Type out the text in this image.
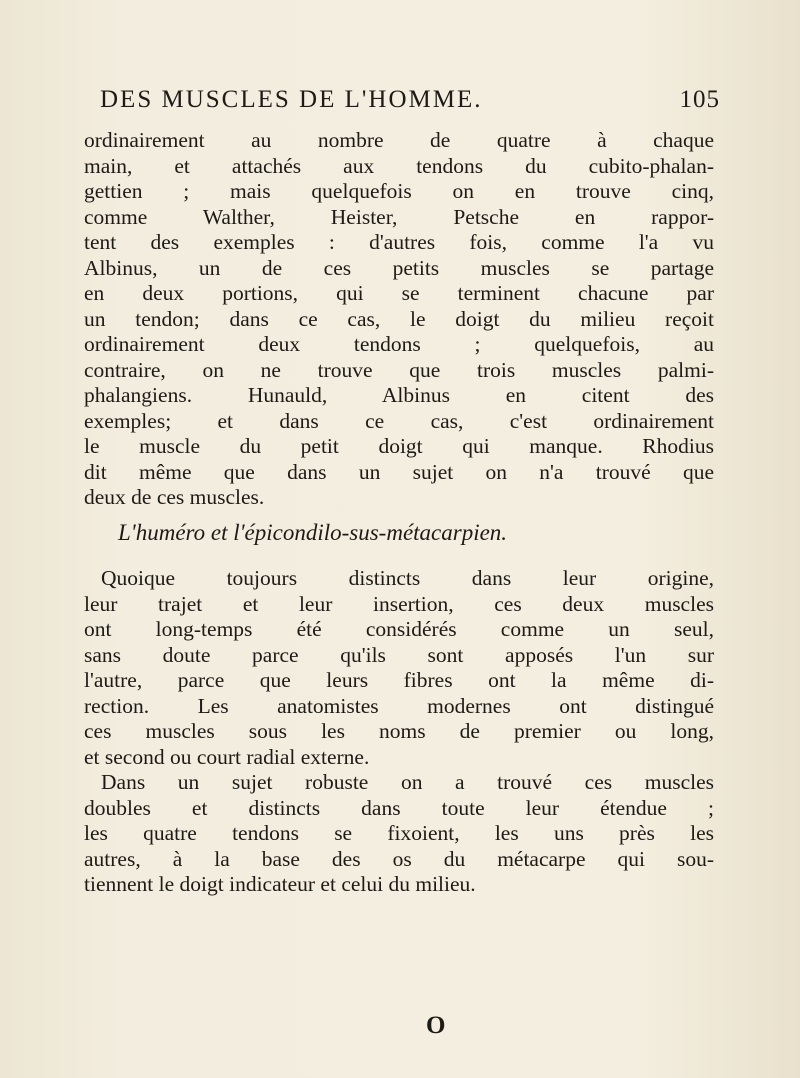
DES MUSCLES DE L'HOMME.	105
ordinairement au nombre de quatre à chaque
main, et attachés aux tendons du cubito-phalan-
gettien ; mais quelquefois on en trouve cinq,
comme Walther, Heister, Petsche en rappor-
tent des exemples : d'autres fois, comme l'a vu
Albinus, un de ces petits muscles se partage
en deux portions, qui se terminent chacune par
un tendon; dans ce cas, le doigt du milieu reçoit
ordinairement deux tendons ; quelquefois, au
contraire, on ne trouve que trois muscles palmi-
phalangiens. Hunauld, Albinus en citent des
exemples; et dans ce cas, c'est ordinairement
le muscle du petit doigt qui manque. Rhodius
dit même que dans un sujet on n'a trouvé que
deux de ces muscles.
L'huméro et l'épicondilo-sus-métacarpien.
Quoique toujours distincts dans leur origine,
leur trajet et leur insertion, ces deux muscles
ont long-temps été considérés comme un seul,
sans doute parce qu'ils sont apposés l'un sur
l'autre, parce que leurs fibres ont la même di-
rection. Les anatomistes modernes ont distingué
ces muscles sous les noms de premier ou long,
et second ou court radial externe.
Dans un sujet robuste on a trouvé ces muscles
doubles et distincts dans toute leur étendue ;
les quatre tendons se fixoient, les uns près les
autres, à la base des os du métacarpe qui sou-
tiennent le doigt indicateur et celui du milieu.
O
